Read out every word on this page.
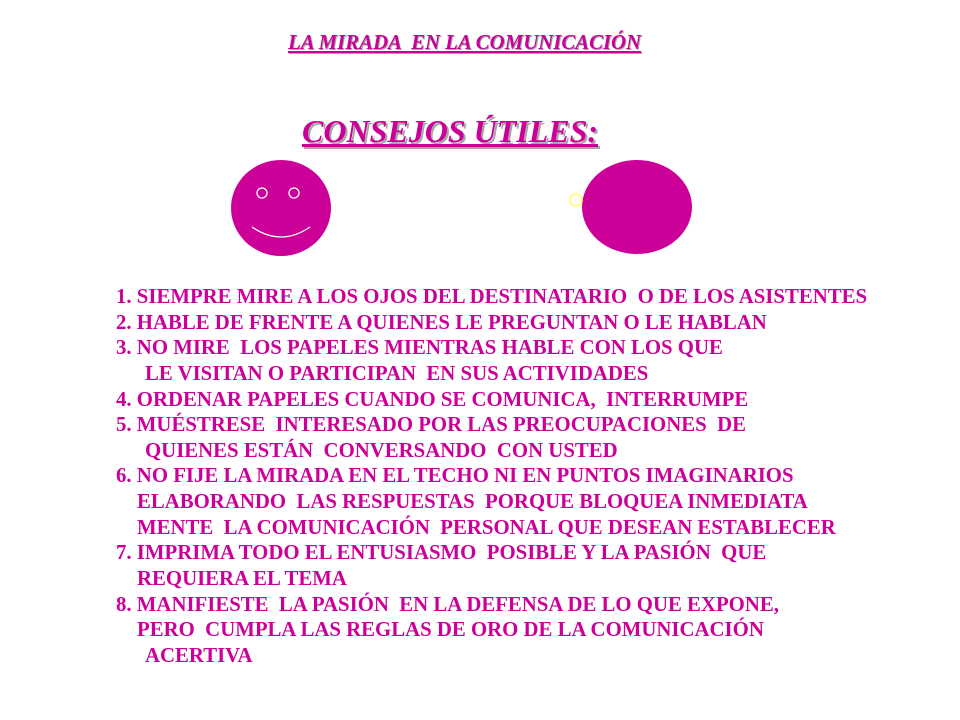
LA MIRADA  EN LA COMUNICACIÓN
CONSEJOS ÚTILES:
1. SIEMPRE MIRE A LOS OJOS DEL DESTINATARIO  O DE LOS ASISTENTES
2. HABLE DE FRENTE A QUIENES LE PREGUNTAN O LE HABLAN
3. NO MIRE  LOS PAPELES MIENTRAS HABLE CON LOS QUE
LE VISITAN O PARTICIPAN  EN SUS ACTIVIDADES
4. ORDENAR PAPELES CUANDO SE COMUNICA,  INTERRUMPE
5. MUÉSTRESE  INTERESADO POR LAS PREOCUPACIONES  DE
QUIENES ESTÁN  CONVERSANDO  CON USTED
6. NO FIJE LA MIRADA EN EL TECHO NI EN PUNTOS IMAGINARIOS
ELABORANDO  LAS RESPUESTAS  PORQUE BLOQUEA INMEDIATA
MENTE  LA COMUNICACIÓN  PERSONAL QUE DESEAN ESTABLECER
7. IMPRIMA TODO EL ENTUSIASMO  POSIBLE Y LA PASIÓN  QUE
REQUIERA EL TEMA
8. MANIFIESTE  LA PASIÓN  EN LA DEFENSA DE LO QUE EXPONE,
PERO  CUMPLA LAS REGLAS DE ORO DE LA COMUNICACIÓN
ACERTIVA
